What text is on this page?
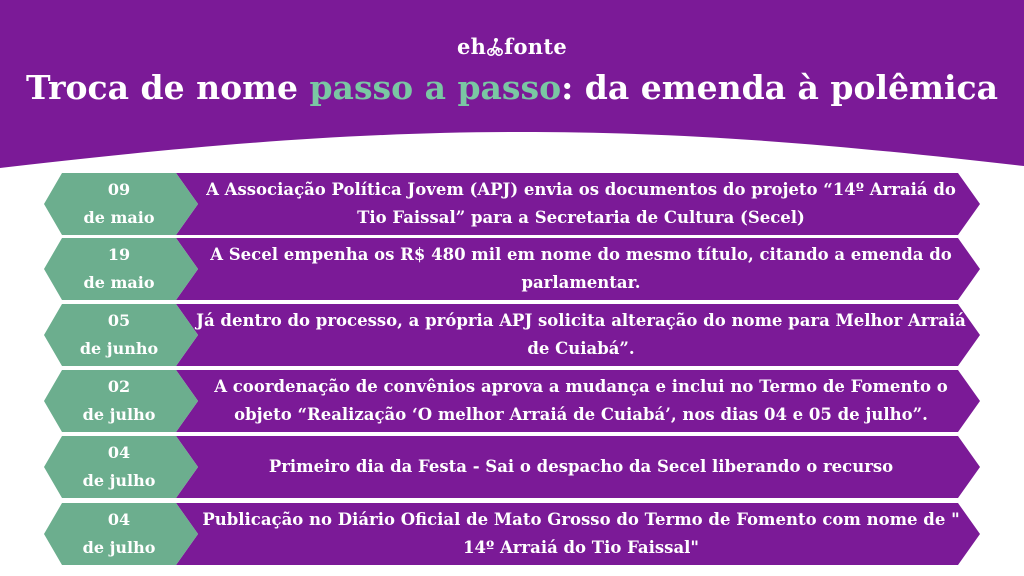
eh fonte
Troca de nome passo a passo: da emenda à polêmica
09
de maio
A Associação Política Jovem (APJ) envia os documentos do projeto “14º Arraiá do Tio Faissal” para a Secretaria de Cultura (Secel)
19
de maio
A Secel empenha os R$ 480 mil em nome do mesmo título, citando a emenda do parlamentar.
05
de junho
Já dentro do processo, a própria APJ solicita alteração do nome para Melhor Arraiá de Cuiabá”.
02
de julho
A coordenação de convênios aprova a mudança e inclui no Termo de Fomento o objeto “Realização ‘O melhor Arraiá de Cuiabá’, nos dias 04 e 05 de julho”.
04
de julho
Primeiro dia da Festa - Sai o despacho da Secel liberando o recurso
04
de julho
Publicação no Diário Oficial de Mato Grosso do Termo de Fomento com nome de " 14º Arraiá do Tio Faissal"
